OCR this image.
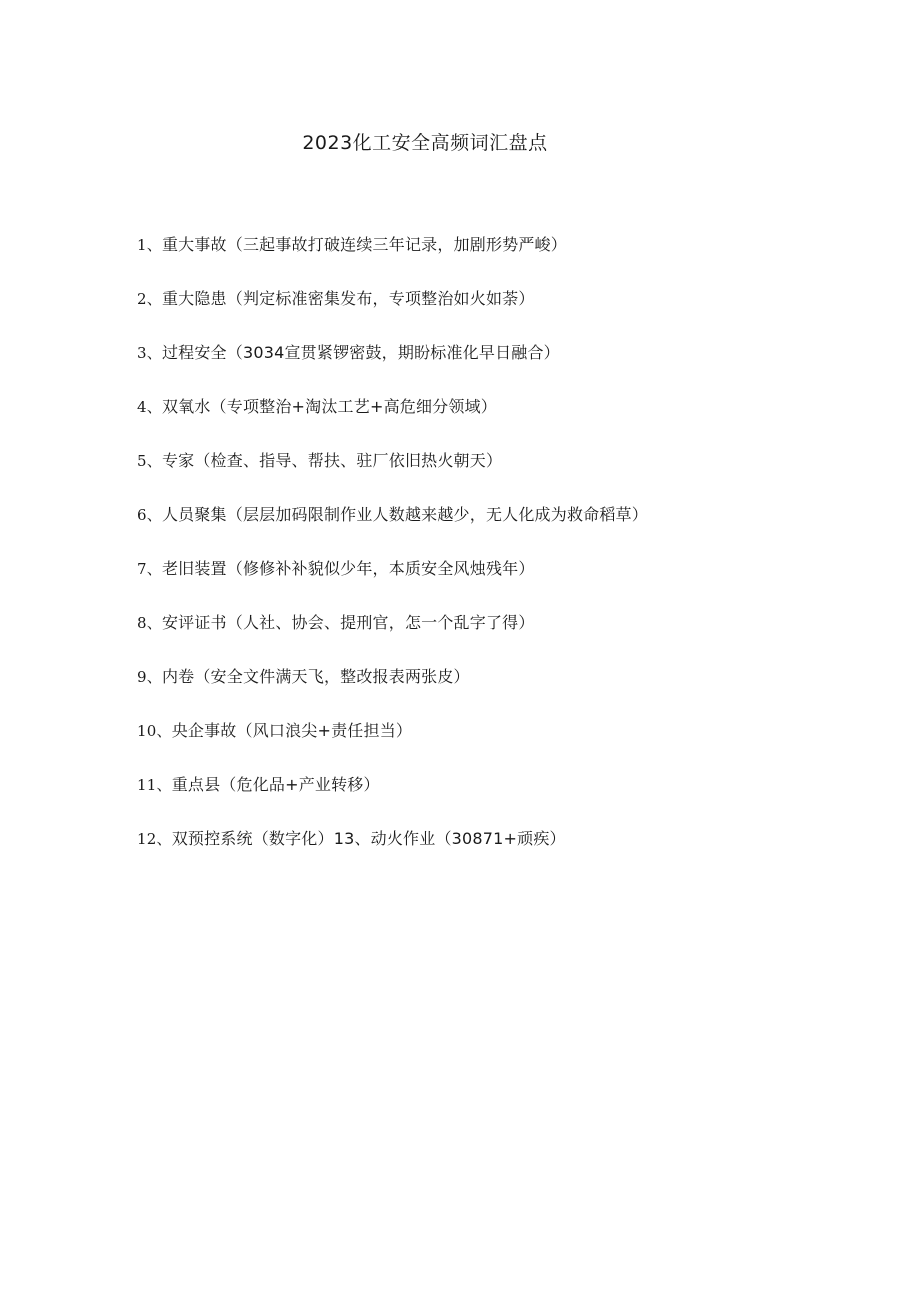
2023化工安全高频词汇盘点
1、重大事故（三起事故打破连续三年记录，加剧形势严峻）
2、重大隐患（判定标准密集发布，专项整治如火如荼）
3、过程安全（3034宣贯紧锣密鼓，期盼标准化早日融合）
4、双氧水（专项整治+淘汰工艺+高危细分领域）
5、专家（检查、指导、帮扶、驻厂依旧热火朝天）
6、人员聚集（层层加码限制作业人数越来越少，无人化成为救命稻草）
7、老旧装置（修修补补貌似少年，本质安全风烛残年）
8、安评证书（人社、协会、提刑官，怎一个乱字了得）
9、内卷（安全文件满天飞，整改报表两张皮）
10、央企事故（风口浪尖+责任担当）
11、重点县（危化品+产业转移）
12、双预控系统（数字化）13、动火作业（30871+顽疾）
